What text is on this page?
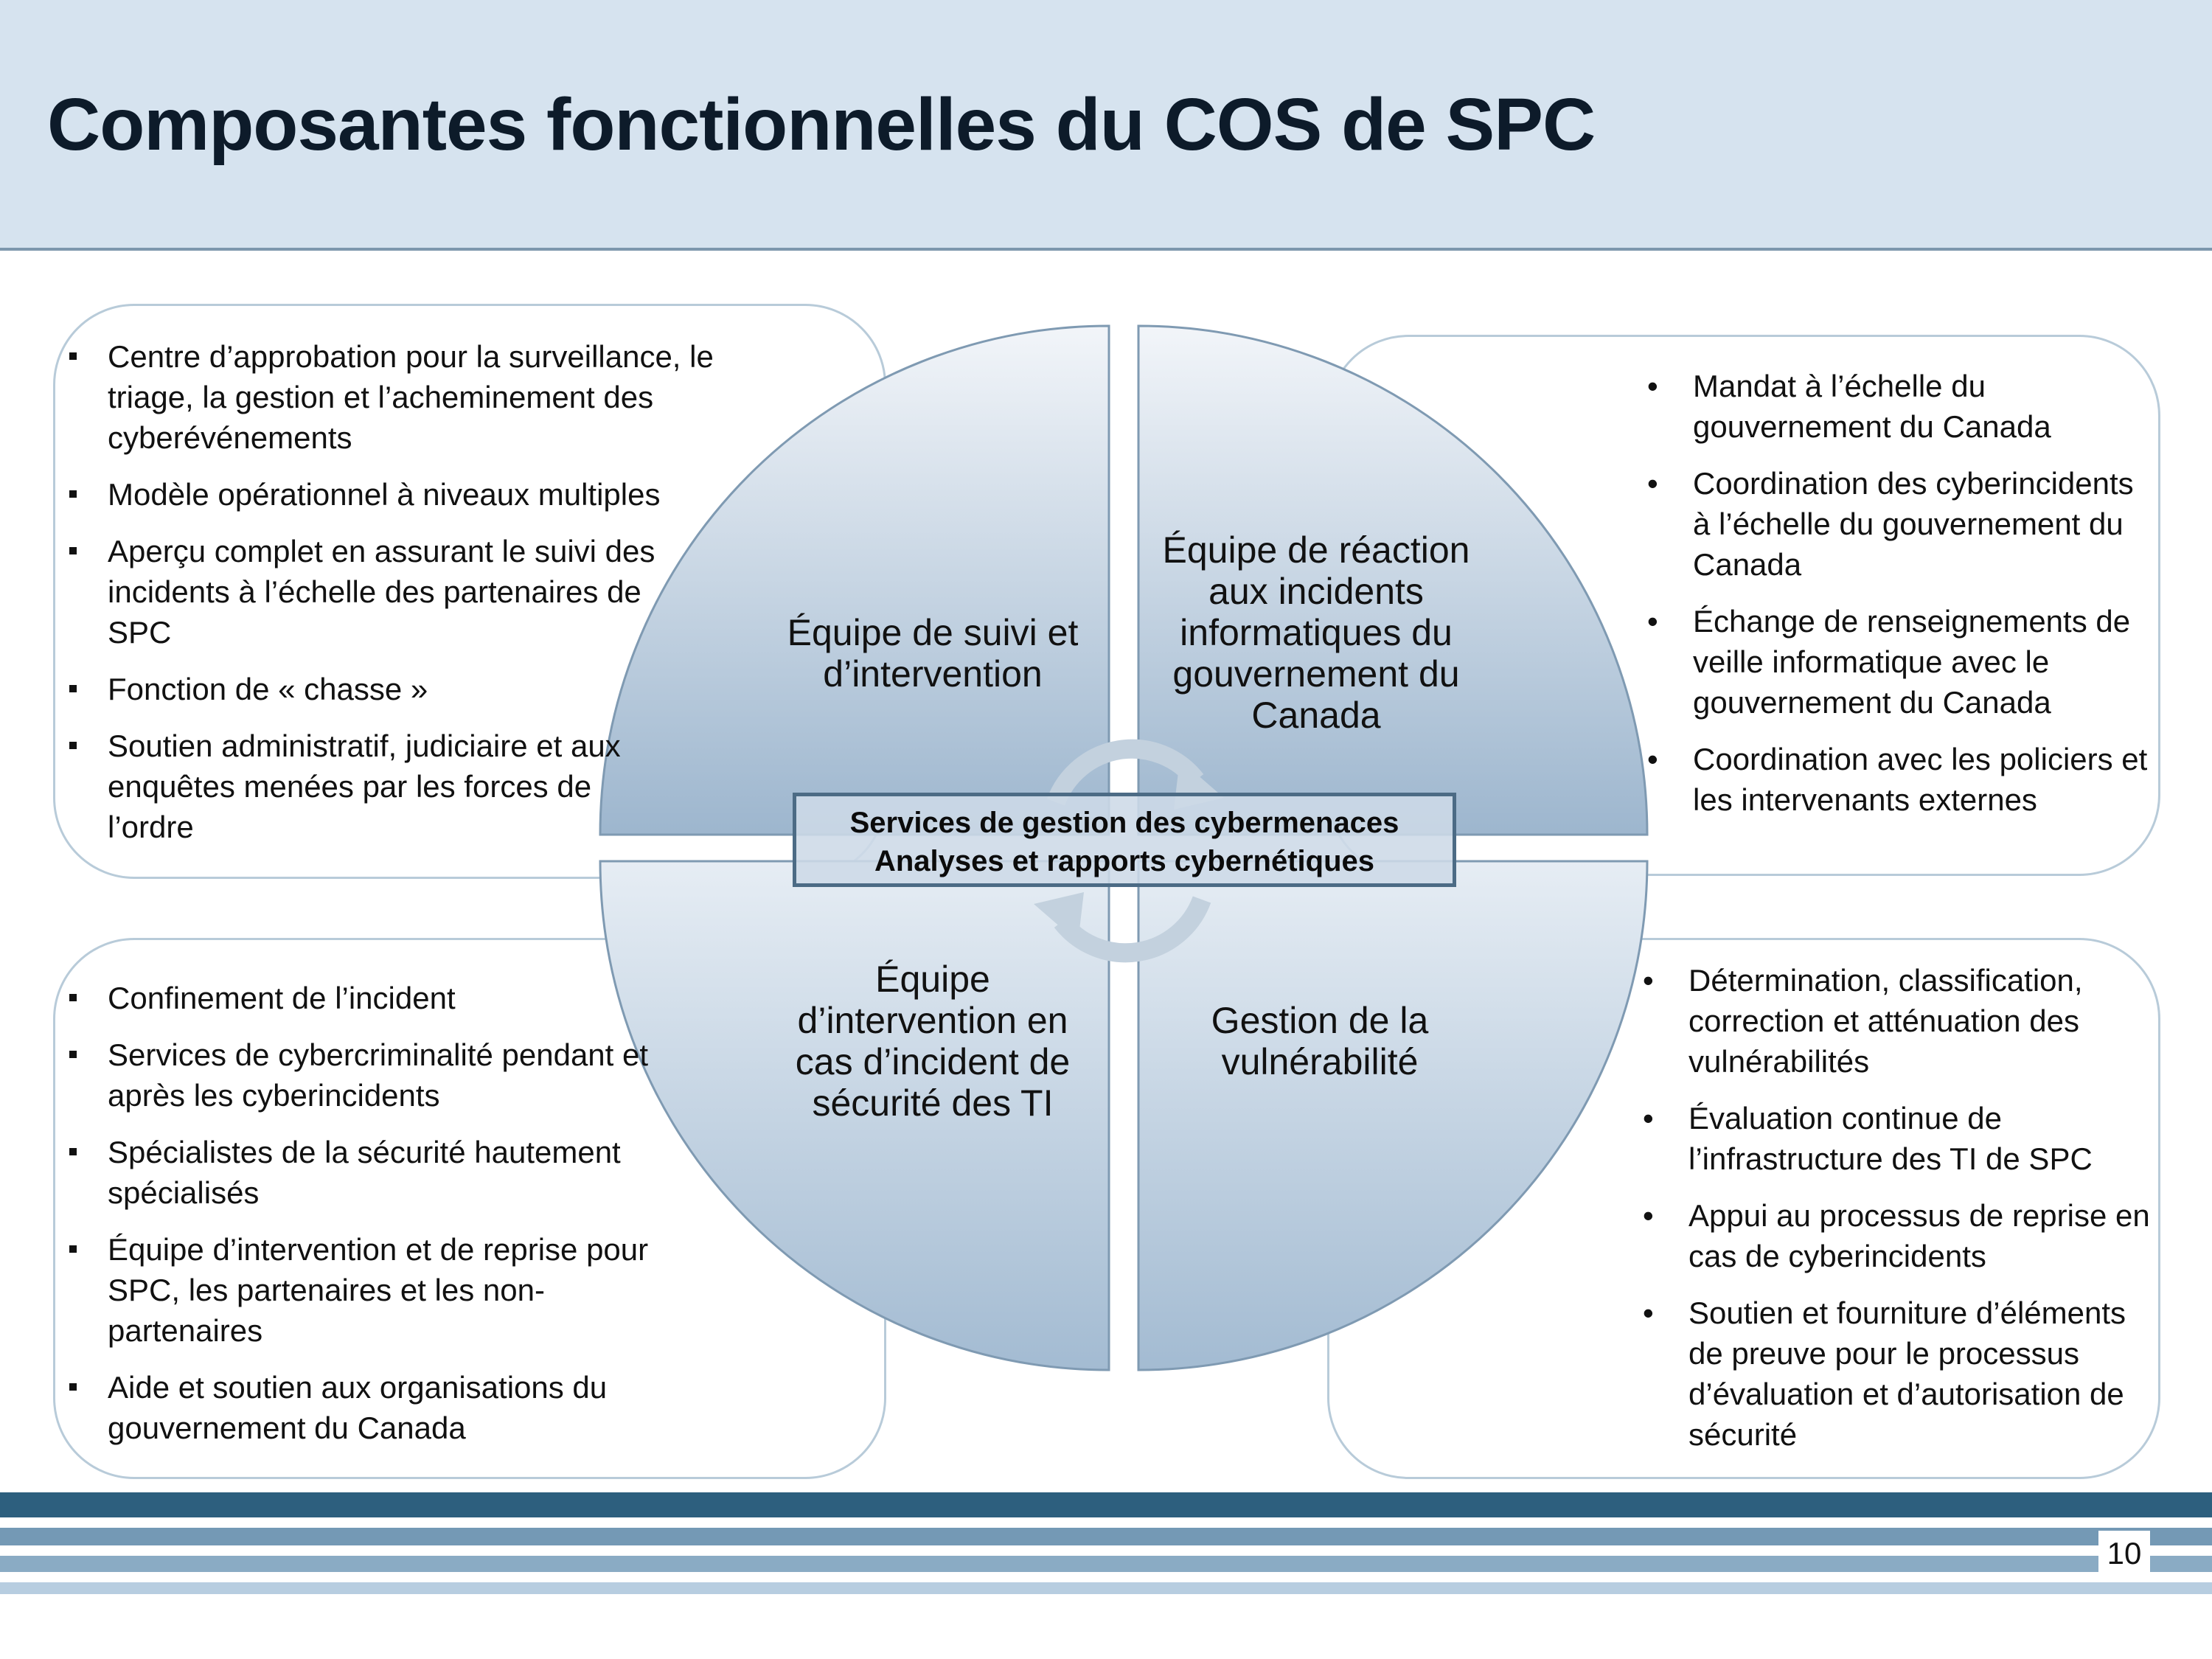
Composantes fonctionnelles du COS de SPC
Équipe de suivi et d’intervention
Équipe de réaction aux incidents informatiques du gouvernement du Canada
Équipe d’intervention en cas d’incident de sécurité des TI
Gestion de la vulnérabilité
Services de gestion des cybermenaces
Analyses et rapports cybernétiques
Centre d’approbation pour la surveillance, le triage, la gestion et l’acheminement des cyberévénements
Modèle opérationnel à niveaux multiples
Aperçu complet en assurant le suivi des incidents à l’échelle des partenaires de SPC
Fonction de « chasse »
Soutien administratif, judiciaire et aux enquêtes menées par les forces de l’ordre
• Mandat à l’échelle du gouvernement du Canada
• Coordination des cyberincidents à l’échelle du gouvernement du Canada
• Échange de renseignements de veille informatique avec le gouvernement du Canada
• Coordination avec les policiers et les intervenants externes
Confinement de l’incident
Services de cybercriminalité pendant et après les cyberincidents
Spécialistes de la sécurité hautement spécialisés
Équipe d’intervention et de reprise pour SPC, les partenaires et les non-partenaires
Aide et soutien aux organisations du gouvernement du Canada
• Détermination, classification, correction et atténuation des vulnérabilités
• Évaluation continue de l’infrastructure des TI de SPC
• Appui au processus de reprise en cas de cyberincidents
• Soutien et fourniture d’éléments de preuve pour le processus d’évaluation et d’autorisation de sécurité
10
